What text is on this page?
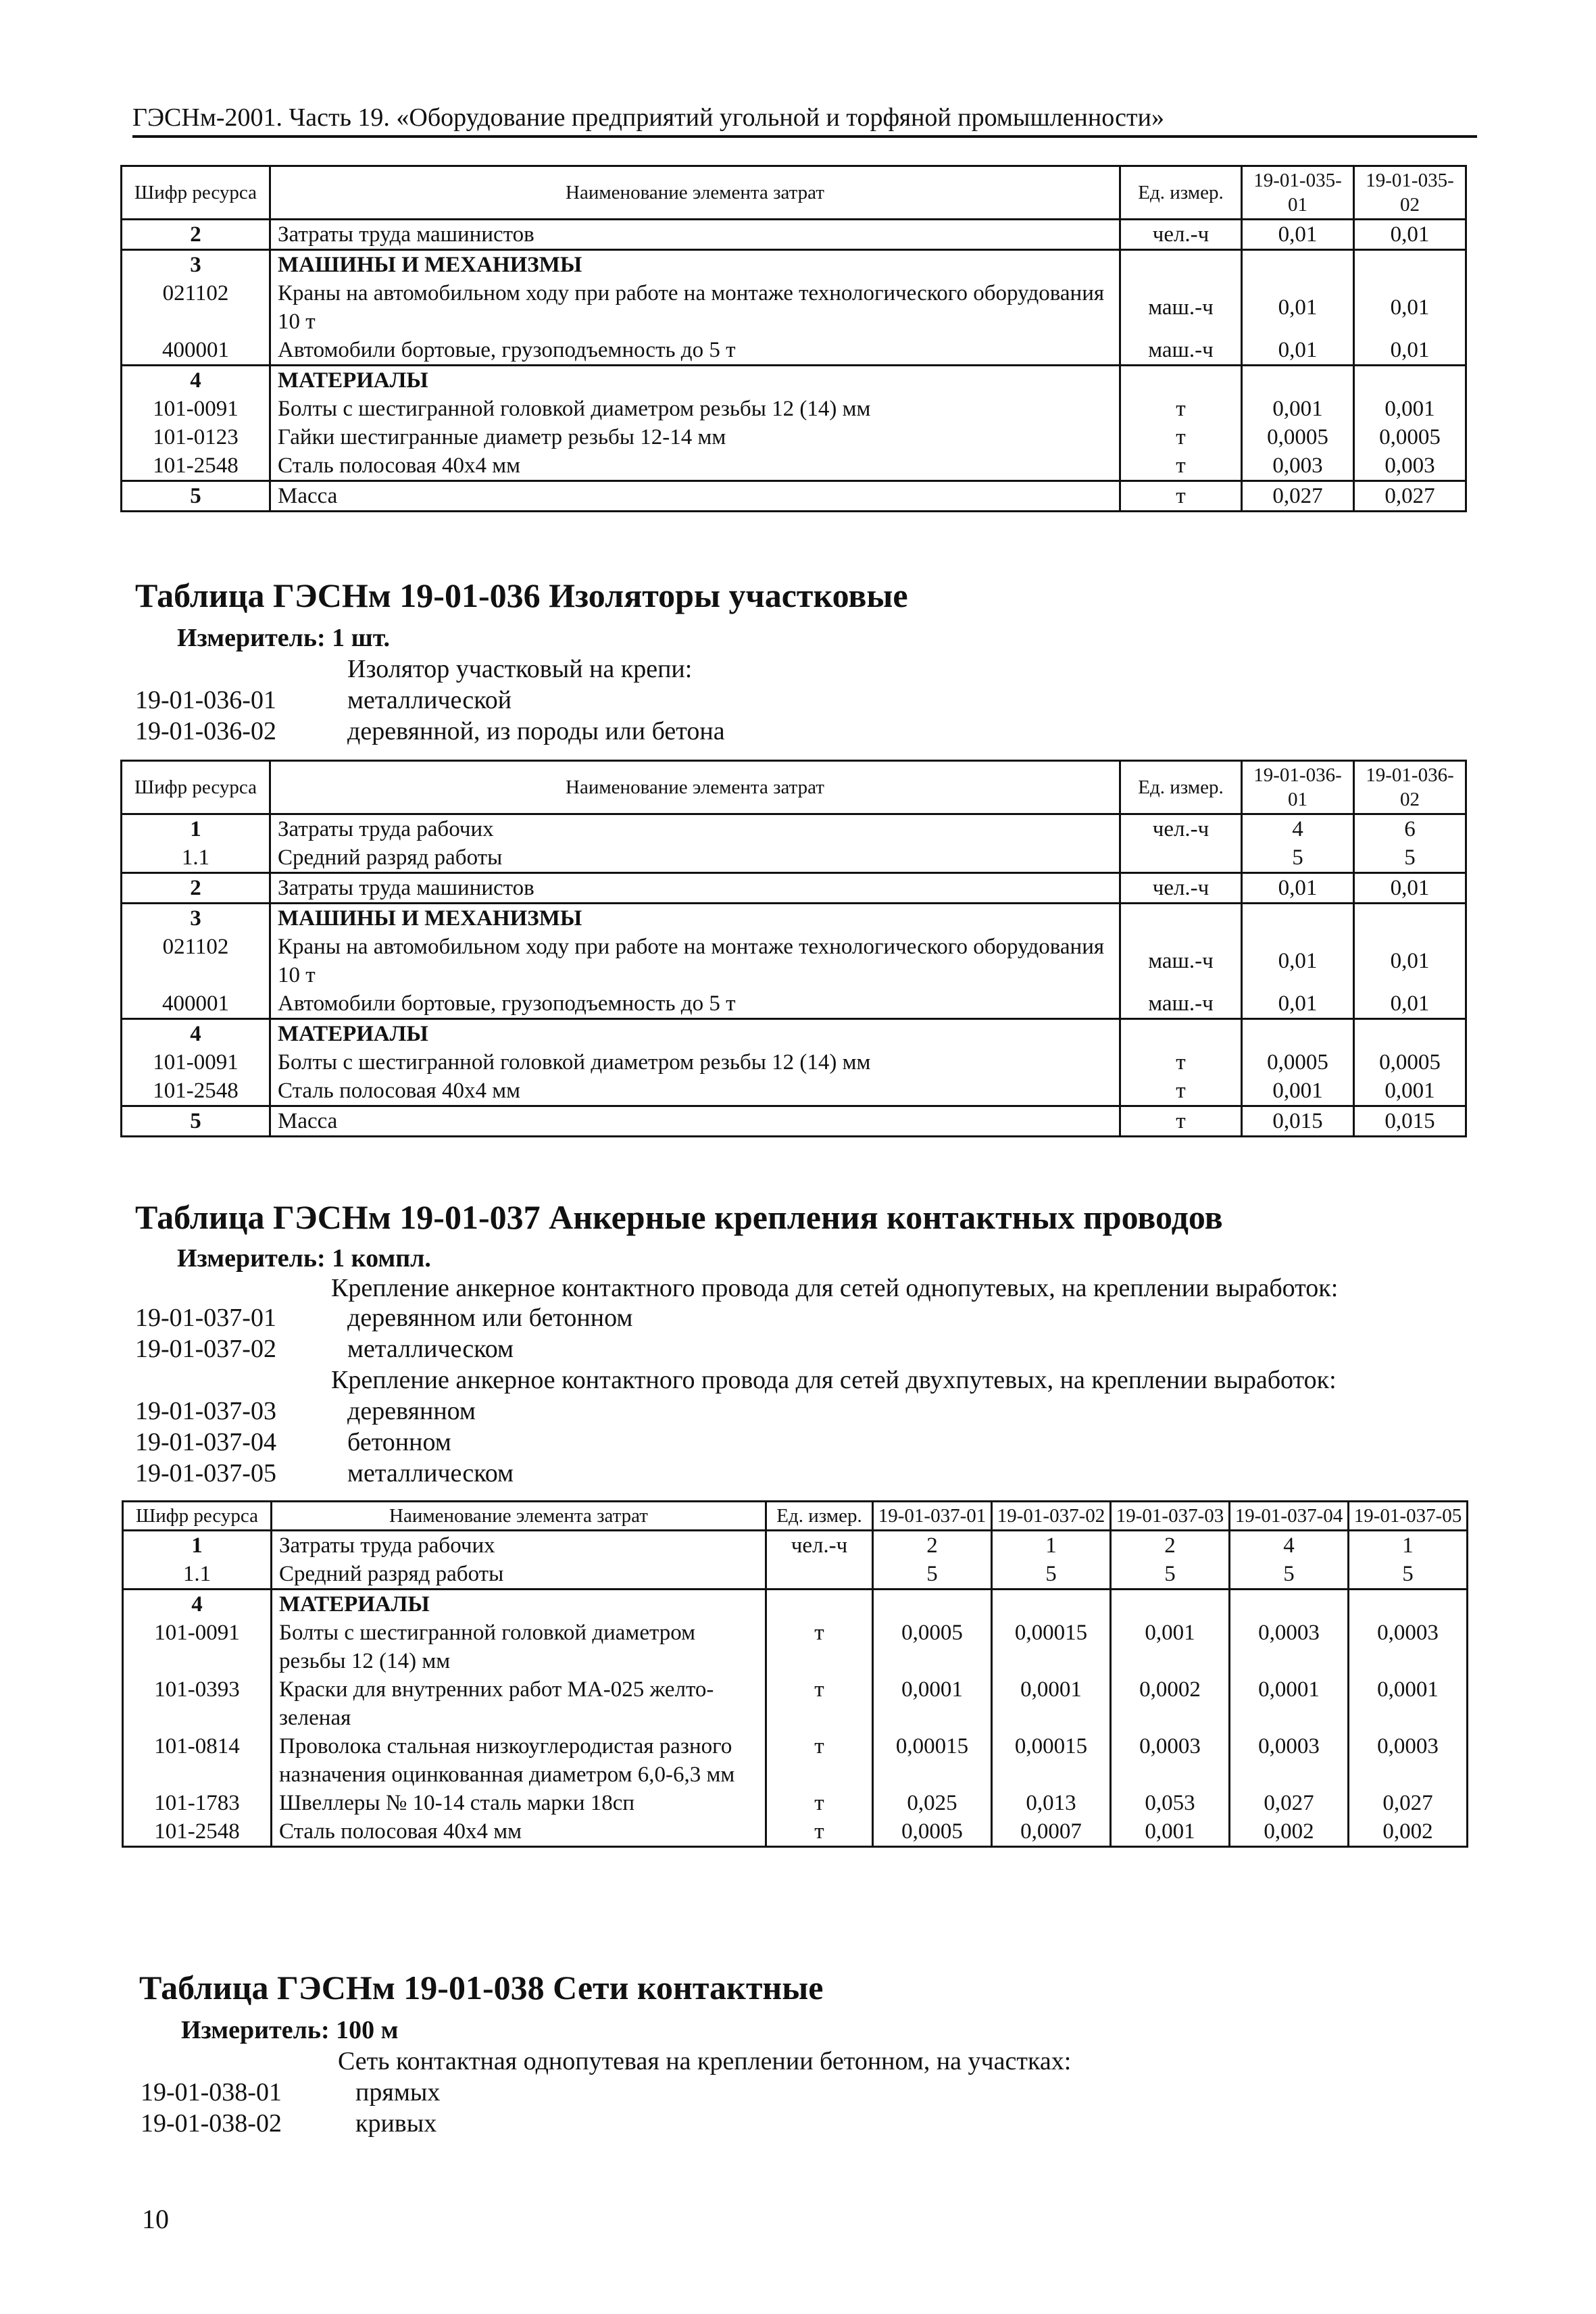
ГЭСНм-2001. Часть 19. «Оборудование предприятий угольной и торфяной промышленности»
Шифр ресурса	Наименование элемента затрат	Ед. измер.	19-01-035-01	19-01-035-02
2	Затраты труда машинистов	чел.-ч	0,01	0,01
3	МАШИНЫ И МЕХАНИЗМЫ			
021102	Краны на автомобильном ходу при работе на монтаже технологического оборудования 10 т	маш.-ч	0,01	0,01
400001	Автомобили бортовые, грузоподъемность до 5 т	маш.-ч	0,01	0,01
4	МАТЕРИАЛЫ			
101-0091	Болты с шестигранной головкой диаметром резьбы 12 (14) мм	т	0,001	0,001
101-0123	Гайки шестигранные диаметр резьбы 12-14 мм	т	0,0005	0,0005
101-2548	Сталь полосовая 40х4 мм	т	0,003	0,003
5	Масса	т	0,027	0,027
Таблица ГЭСНм 19-01-036 Изоляторы участковые
Измеритель: 1 шт.
Изолятор участковый на крепи:
19-01-036-01	металлической
19-01-036-02	деревянной, из породы или бетона
Шифр ресурса	Наименование элемента затрат	Ед. измер.	19-01-036-01	19-01-036-02
1	Затраты труда рабочих	чел.-ч	4	6
1.1	Средний разряд работы		5	5
2	Затраты труда машинистов	чел.-ч	0,01	0,01
3	МАШИНЫ И МЕХАНИЗМЫ			
021102	Краны на автомобильном ходу при работе на монтаже технологического оборудования 10 т	маш.-ч	0,01	0,01
400001	Автомобили бортовые, грузоподъемность до 5 т	маш.-ч	0,01	0,01
4	МАТЕРИАЛЫ			
101-0091	Болты с шестигранной головкой диаметром резьбы 12 (14) мм	т	0,0005	0,0005
101-2548	Сталь полосовая 40х4 мм	т	0,001	0,001
5	Масса	т	0,015	0,015
Таблица ГЭСНм 19-01-037 Анкерные крепления контактных проводов
Измеритель: 1 компл.
Крепление анкерное контактного провода для сетей однопутевых, на креплении выработок:
19-01-037-01	деревянном или бетонном
19-01-037-02	металлическом
Крепление анкерное контактного провода для сетей двухпутевых, на креплении выработок:
19-01-037-03	деревянном
19-01-037-04	бетонном
19-01-037-05	металлическом
Шифр ресурса	Наименование элемента затрат	Ед. измер.	19-01-037-01	19-01-037-02	19-01-037-03	19-01-037-04	19-01-037-05
1	Затраты труда рабочих	чел.-ч	2	1	2	4	1
1.1	Средний разряд работы		5	5	5	5	5
4	МАТЕРИАЛЫ						
101-0091	Болты с шестигранной головкой диаметром резьбы 12 (14) мм	т	0,0005	0,00015	0,001	0,0003	0,0003
101-0393	Краски для внутренних работ МА-025 желто-зеленая	т	0,0001	0,0001	0,0002	0,0001	0,0001
101-0814	Проволока стальная низкоуглеродистая разного назначения оцинкованная диаметром 6,0-6,3 мм	т	0,00015	0,00015	0,0003	0,0003	0,0003
101-1783	Швеллеры № 10-14 сталь марки 18сп	т	0,025	0,013	0,053	0,027	0,027
101-2548	Сталь полосовая 40х4 мм	т	0,0005	0,0007	0,001	0,002	0,002
Таблица ГЭСНм 19-01-038 Сети контактные
Измеритель: 100 м
Сеть контактная однопутевая на креплении бетонном, на участках:
19-01-038-01	прямых
19-01-038-02	кривых
10
